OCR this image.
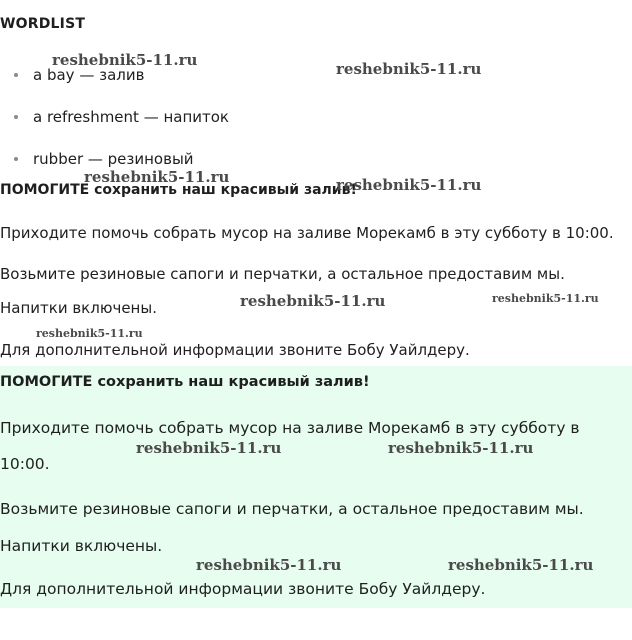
WORDLIST
a bay — залив
a refreshment — напиток
rubber — резиновый
ПОМОГИТЕ сохранить наш красивый залив!
Приходите помочь собрать мусор на заливе Морекамб в эту субботу в 10:00.
Возьмите резиновые сапоги и перчатки, а остальное предоставим мы.
Напитки включены.
Для дополнительной информации звоните Бобу Уайлдеру.
ПОМОГИТЕ сохранить наш красивый залив!
Приходите помочь собрать мусор на заливе Морекамб в эту субботу в
10:00.
Возьмите резиновые сапоги и перчатки, а остальное предоставим мы.
Напитки включены.
Для дополнительной информации звоните Бобу Уайлдеру.
reshebnik5-11.ru	reshebnik5-11.ru
reshebnik5-11.ru	reshebnik5-11.ru
reshebnik5-11.ru	reshebnik5-11.ru
reshebnik5-11.ru
reshebnik5-11.ru	reshebnik5-11.ru
reshebnik5-11.ru	reshebnik5-11.ru
